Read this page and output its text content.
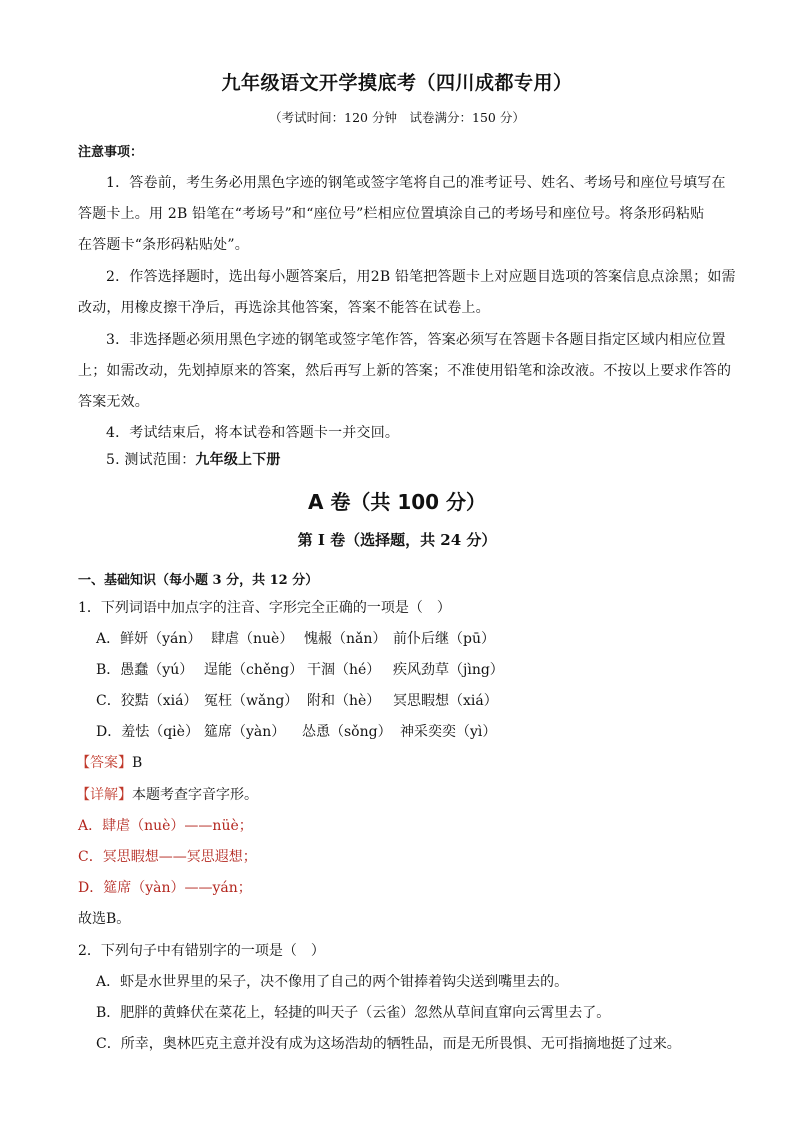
九年级语文开学摸底考（四川成都专用）
（考试时间：120 分钟　试卷满分：150 分）
注意事项：
1．答卷前，考生务必用黑色字迹的钢笔或签字笔将自己的准考证号、姓名、考场号和座位号填写在
答题卡上。用 2B 铅笔在“考场号”和“座位号”栏相应位置填涂自己的考场号和座位号。将条形码粘贴
在答题卡“条形码粘贴处”。
2．作答选择题时，选出每小题答案后，用2B 铅笔把答题卡上对应题目选项的答案信息点涂黑；如需
改动，用橡皮擦干净后，再选涂其他答案，答案不能答在试卷上。
3．非选择题必须用黑色字迹的钢笔或签字笔作答，答案必须写在答题卡各题目指定区域内相应位置
上；如需改动，先划掉原来的答案，然后再写上新的答案；不准使用铅笔和涂改液。不按以上要求作答的
答案无效。
4．考试结束后，将本试卷和答题卡一并交回。
5. 测试范围：九年级上下册
A 卷（共 100 分）
第 I 卷（选择题，共 24 分）
一、基础知识（每小题 3 分，共 12 分）
1．下列词语中加点字的注音、字形完全正确的一项是（　）
A．鲜妍（yán） 肆虐（nuè） 愧赧（nǎn） 前仆后继（pū）
B．愚蠢（yú） 逞能（chěng） 干涸（hé） 疾风劲草（jìng）
C．狡黠（xiá） 冤枉（wǎng） 附和（hè） 冥思睱想（xiá）
D．羞怯（qiè） 筵席（yàn） 怂恿（sǒng） 神采奕奕（yì）
【答案】B
【详解】本题考查字音字形。
A．肆虐（nuè）——nüè；
C．冥思睱想——冥思遐想；
D．筵席（yàn）——yán；
故选B。
2．下列句子中有错别字的一项是（　）
A．虾是水世界里的呆子，决不像用了自己的两个钳捧着钩尖送到嘴里去的。
B．肥胖的黄蜂伏在菜花上，轻捷的叫天子（云雀）忽然从草间直窜向云霄里去了。
C．所幸，奥林匹克主意并没有成为这场浩劫的牺牲品，而是无所畏惧、无可指摘地挺了过来。
